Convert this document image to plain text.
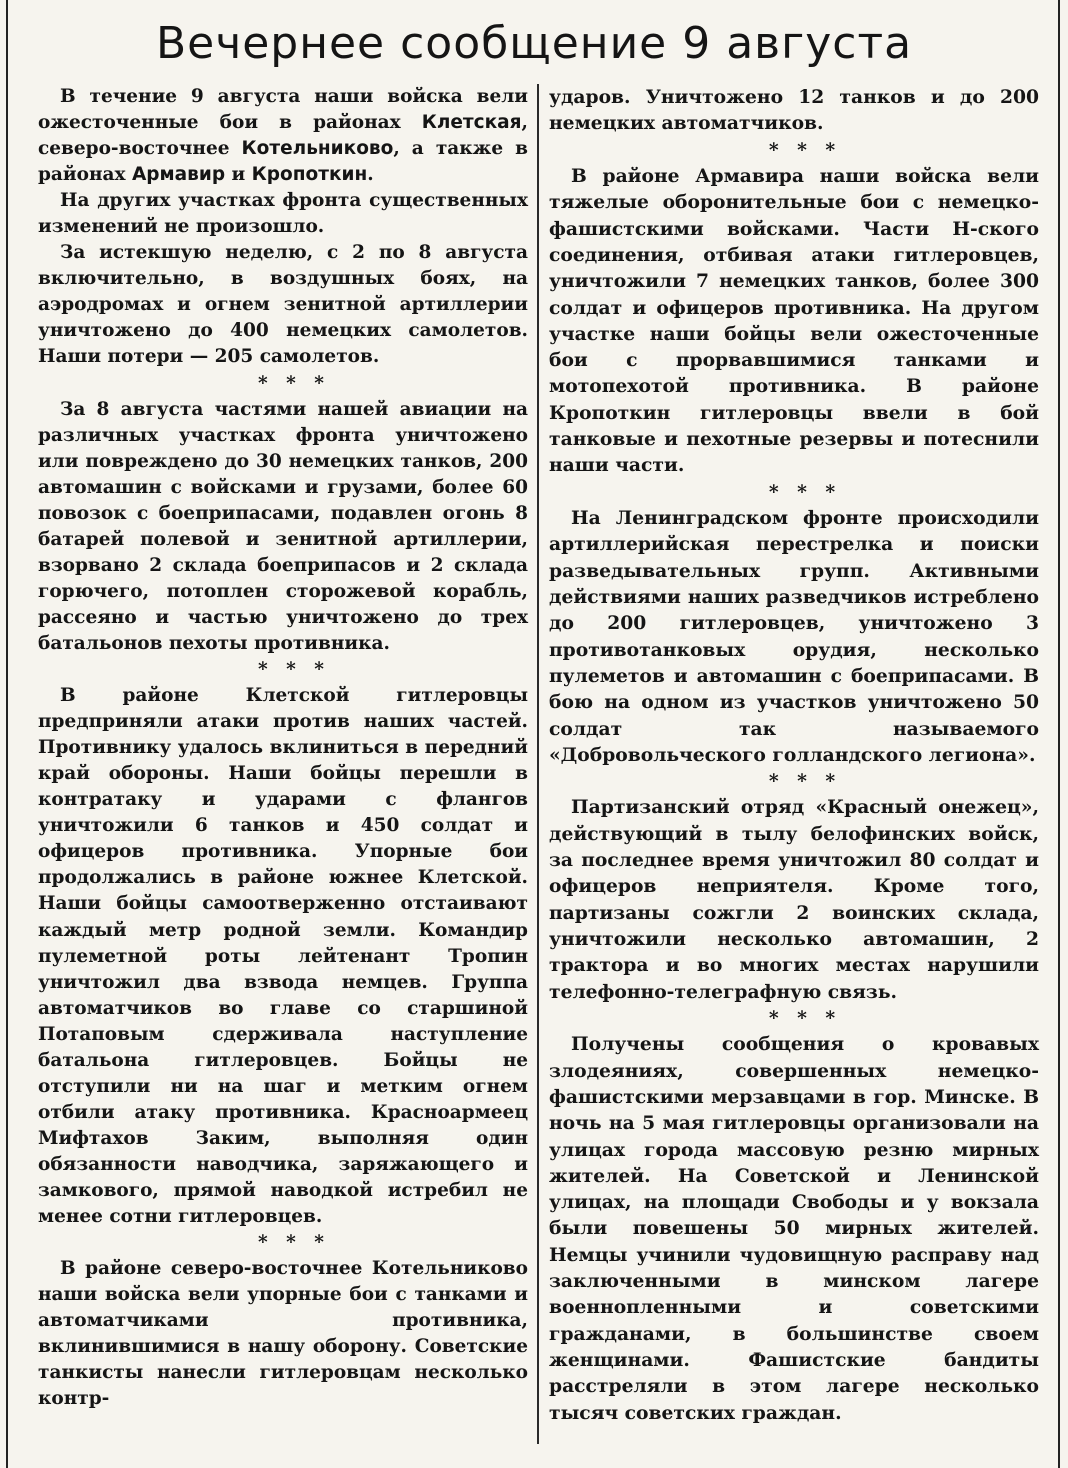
Вечернее сообщение 9 августа

В течение 9 августа наши войска вели ожесточенные бои в районах Клетская, северо-восточнее Котельниково, а также в районах Армавир и Кропоткин.

На других участках фронта существенных изменений не произошло.

За истекшую неделю, с 2 по 8 августа включительно, в воздушных боях, на аэродромах и огнем зенитной артиллерии уничтожено до 400 немецких самолетов. Наши потери — 205 самолетов.

* * *

За 8 августа частями нашей авиации на различных участках фронта уничтожено или повреждено до 30 немецких танков, 200 автомашин с войсками и грузами, более 60 повозок с боеприпасами, подавлен огонь 8 батарей полевой и зенитной артиллерии, взорвано 2 склада боеприпасов и 2 склада горючего, потоплен сторожевой корабль, рассеяно и частью уничтожено до трех батальонов пехоты противника.

* * *

В районе Клетской гитлеровцы предприняли атаки против наших частей. Противнику удалось вклиниться в передний край обороны. Наши бойцы перешли в контратаку и ударами с флангов уничтожили 6 танков и 450 солдат и офицеров противника. Упорные бои продолжались в районе южнее Клетской. Наши бойцы самоотверженно отстаивают каждый метр родной земли. Командир пулеметной роты лейтенант Тропин уничтожил два взвода немцев. Группа автоматчиков во главе со старшиной Потаповым сдерживала наступление батальона гитлеровцев. Бойцы не отступили ни на шаг и метким огнем отбили атаку противника. Красноармеец Мифтахов Заким, выполняя один обязанности наводчика, заряжающего и замкового, прямой наводкой истребил не менее сотни гитлеровцев.

* * *

В районе северо-восточнее Котельниково наши войска вели упорные бои с танками и автоматчиками противника, вклинившимися в нашу оборону. Советские танкисты нанесли гитлеровцам несколько контр-

ударов. Уничтожено 12 танков и до 200 немецких автоматчиков.

* * *

В районе Армавира наши войска вели тяжелые оборонительные бои с немецко-фашистскими войсками. Части Н-ского соединения, отбивая атаки гитлеровцев, уничтожили 7 немецких танков, более 300 солдат и офицеров противника. На другом участке наши бойцы вели ожесточенные бои с прорвавшимися танками и мотопехотой противника. В районе Кропоткин гитлеровцы ввели в бой танковые и пехотные резервы и потеснили наши части.

* * *

На Ленинградском фронте происходили артиллерийская перестрелка и поиски разведывательных групп. Активными действиями наших разведчиков истреблено до 200 гитлеровцев, уничтожено 3 противотанковых орудия, несколько пулеметов и автомашин с боеприпасами. В бою на одном из участков уничтожено 50 солдат так называемого «Добровольческого голландского легиона».

* * *

Партизанский отряд «Красный онежец», действующий в тылу белофинских войск, за последнее время уничтожил 80 солдат и офицеров неприятеля. Кроме того, партизаны сожгли 2 воинских склада, уничтожили несколько автомашин, 2 трактора и во многих местах нарушили телефонно-телеграфную связь.

* * *

Получены сообщения о кровавых злодеяниях, совершенных немецко-фашистскими мерзавцами в гор. Минске. В ночь на 5 мая гитлеровцы организовали на улицах города массовую резню мирных жителей. На Советской и Ленинской улицах, на площади Свободы и у вокзала были повешены 50 мирных жителей. Немцы учинили чудовищную расправу над заключенными в минском лагере военнопленными и советскими гражданами, в большинстве своем женщинами. Фашистские бандиты расстреляли в этом лагере несколько тысяч советских граждан.
